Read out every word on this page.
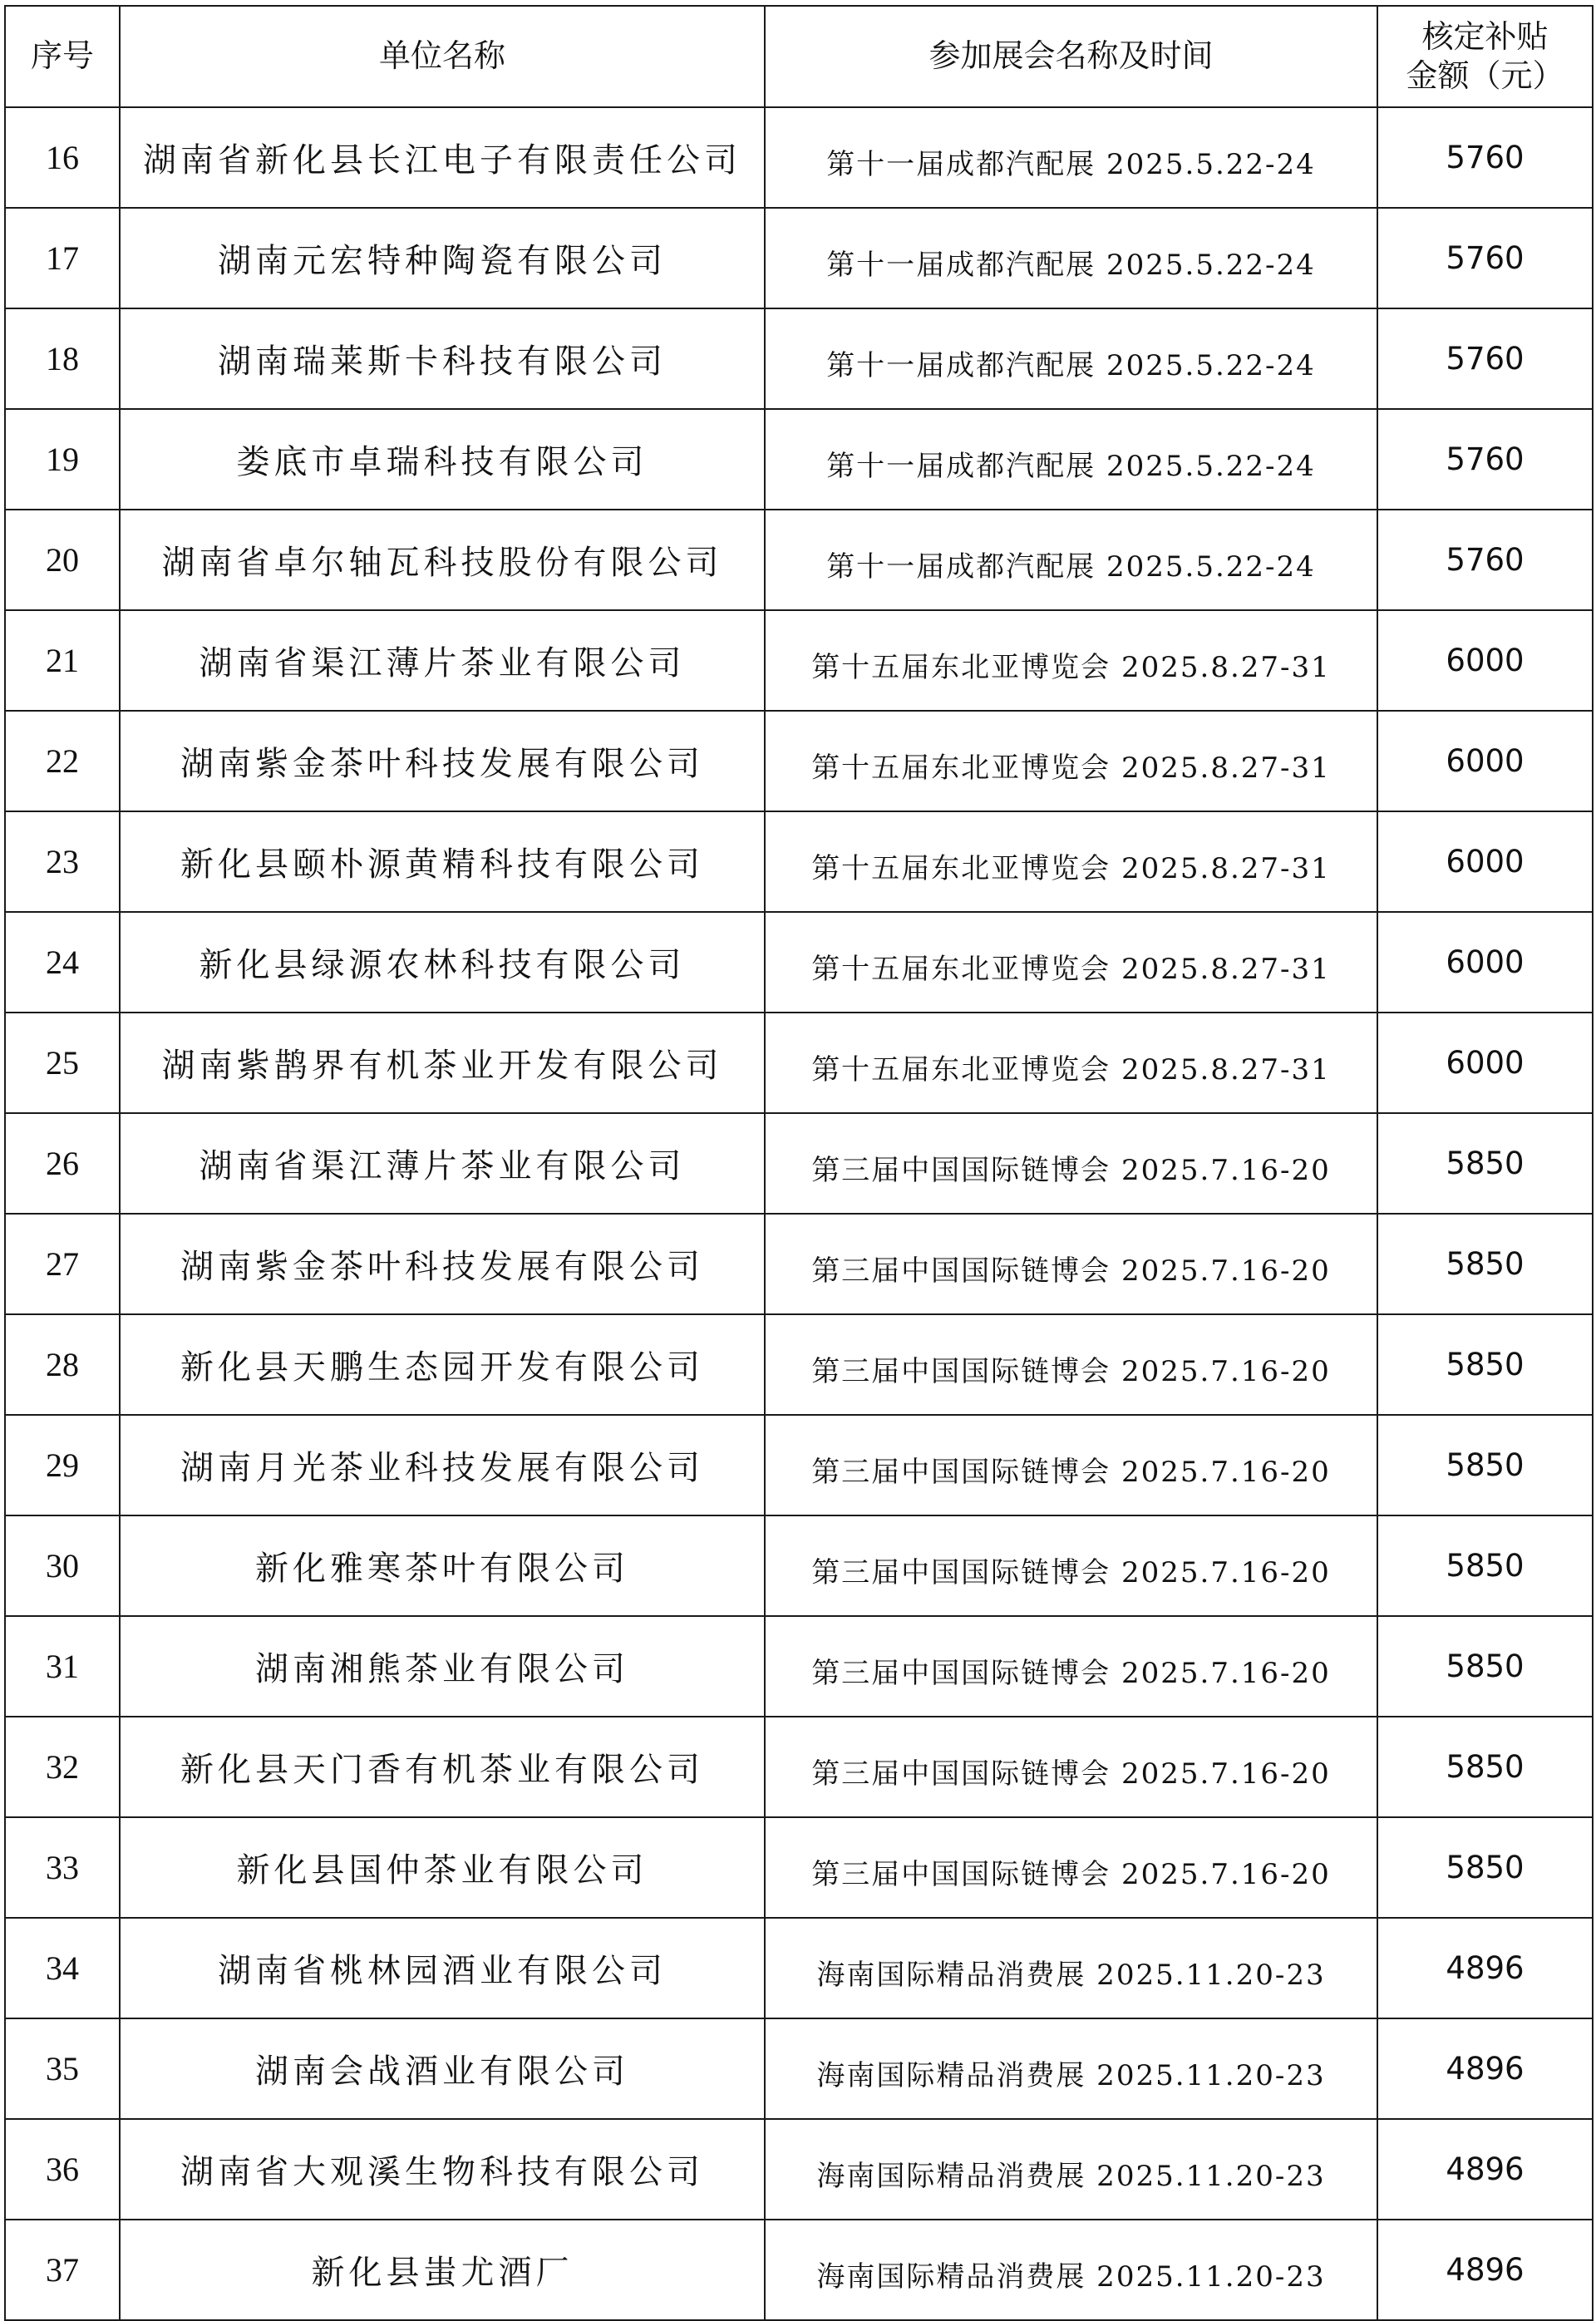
序号	单位名称	参加展会名称及时间	核定补贴
金额（元）

16	湖南省新化县长江电子有限责任公司	第十一届成都汽配展 2025.5.22-24	5760
17	湖南元宏特种陶瓷有限公司	第十一届成都汽配展 2025.5.22-24	5760
18	湖南瑞莱斯卡科技有限公司	第十一届成都汽配展 2025.5.22-24	5760
19	娄底市卓瑞科技有限公司	第十一届成都汽配展 2025.5.22-24	5760
20	湖南省卓尔轴瓦科技股份有限公司	第十一届成都汽配展 2025.5.22-24	5760
21	湖南省渠江薄片茶业有限公司	第十五届东北亚博览会 2025.8.27-31	6000
22	湖南紫金茶叶科技发展有限公司	第十五届东北亚博览会 2025.8.27-31	6000
23	新化县颐朴源黄精科技有限公司	第十五届东北亚博览会 2025.8.27-31	6000
24	新化县绿源农林科技有限公司	第十五届东北亚博览会 2025.8.27-31	6000
25	湖南紫鹊界有机茶业开发有限公司	第十五届东北亚博览会 2025.8.27-31	6000
26	湖南省渠江薄片茶业有限公司	第三届中国国际链博会 2025.7.16-20	5850
27	湖南紫金茶叶科技发展有限公司	第三届中国国际链博会 2025.7.16-20	5850
28	新化县天鹏生态园开发有限公司	第三届中国国际链博会 2025.7.16-20	5850
29	湖南月光茶业科技发展有限公司	第三届中国国际链博会 2025.7.16-20	5850
30	新化雅寒茶叶有限公司	第三届中国国际链博会 2025.7.16-20	5850
31	湖南湘熊茶业有限公司	第三届中国国际链博会 2025.7.16-20	5850
32	新化县天门香有机茶业有限公司	第三届中国国际链博会 2025.7.16-20	5850
33	新化县国仲茶业有限公司	第三届中国国际链博会 2025.7.16-20	5850
34	湖南省桃林园酒业有限公司	海南国际精品消费展 2025.11.20-23	4896
35	湖南会战酒业有限公司	海南国际精品消费展 2025.11.20-23	4896
36	湖南省大观溪生物科技有限公司	海南国际精品消费展 2025.11.20-23	4896
37	新化县蚩尤酒厂	海南国际精品消费展 2025.11.20-23	4896
